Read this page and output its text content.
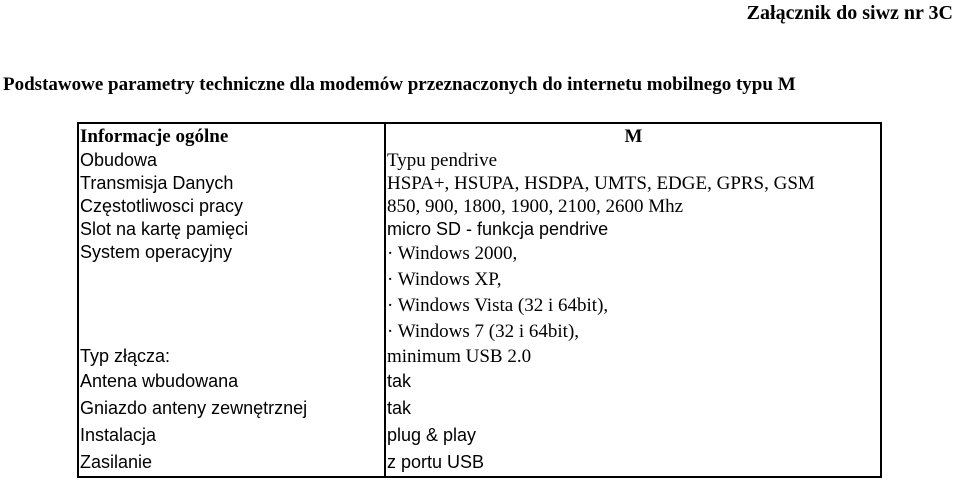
Załącznik do siwz nr 3C
Podstawowe parametry techniczne dla modemów przeznaczonych do internetu mobilnego typu M
Informacje ogólne	M
Obudowa	Typu pendrive
Transmisja Danych	HSPA+, HSUPA, HSDPA, UMTS, EDGE, GPRS, GSM
Częstotliwosci pracy	850, 900, 1800, 1900, 2100, 2600 Mhz
Slot na kartę pamięci	micro SD - funkcja pendrive
System operacyjny	· Windows 2000,
· Windows XP,
· Windows Vista (32 i 64bit),
· Windows 7 (32 i 64bit),

Typ złącza:	minimum USB 2.0
Antena wbudowana	tak
Gniazdo anteny zewnętrznej	tak
Instalacja	plug & play
Zasilanie	z portu USB
